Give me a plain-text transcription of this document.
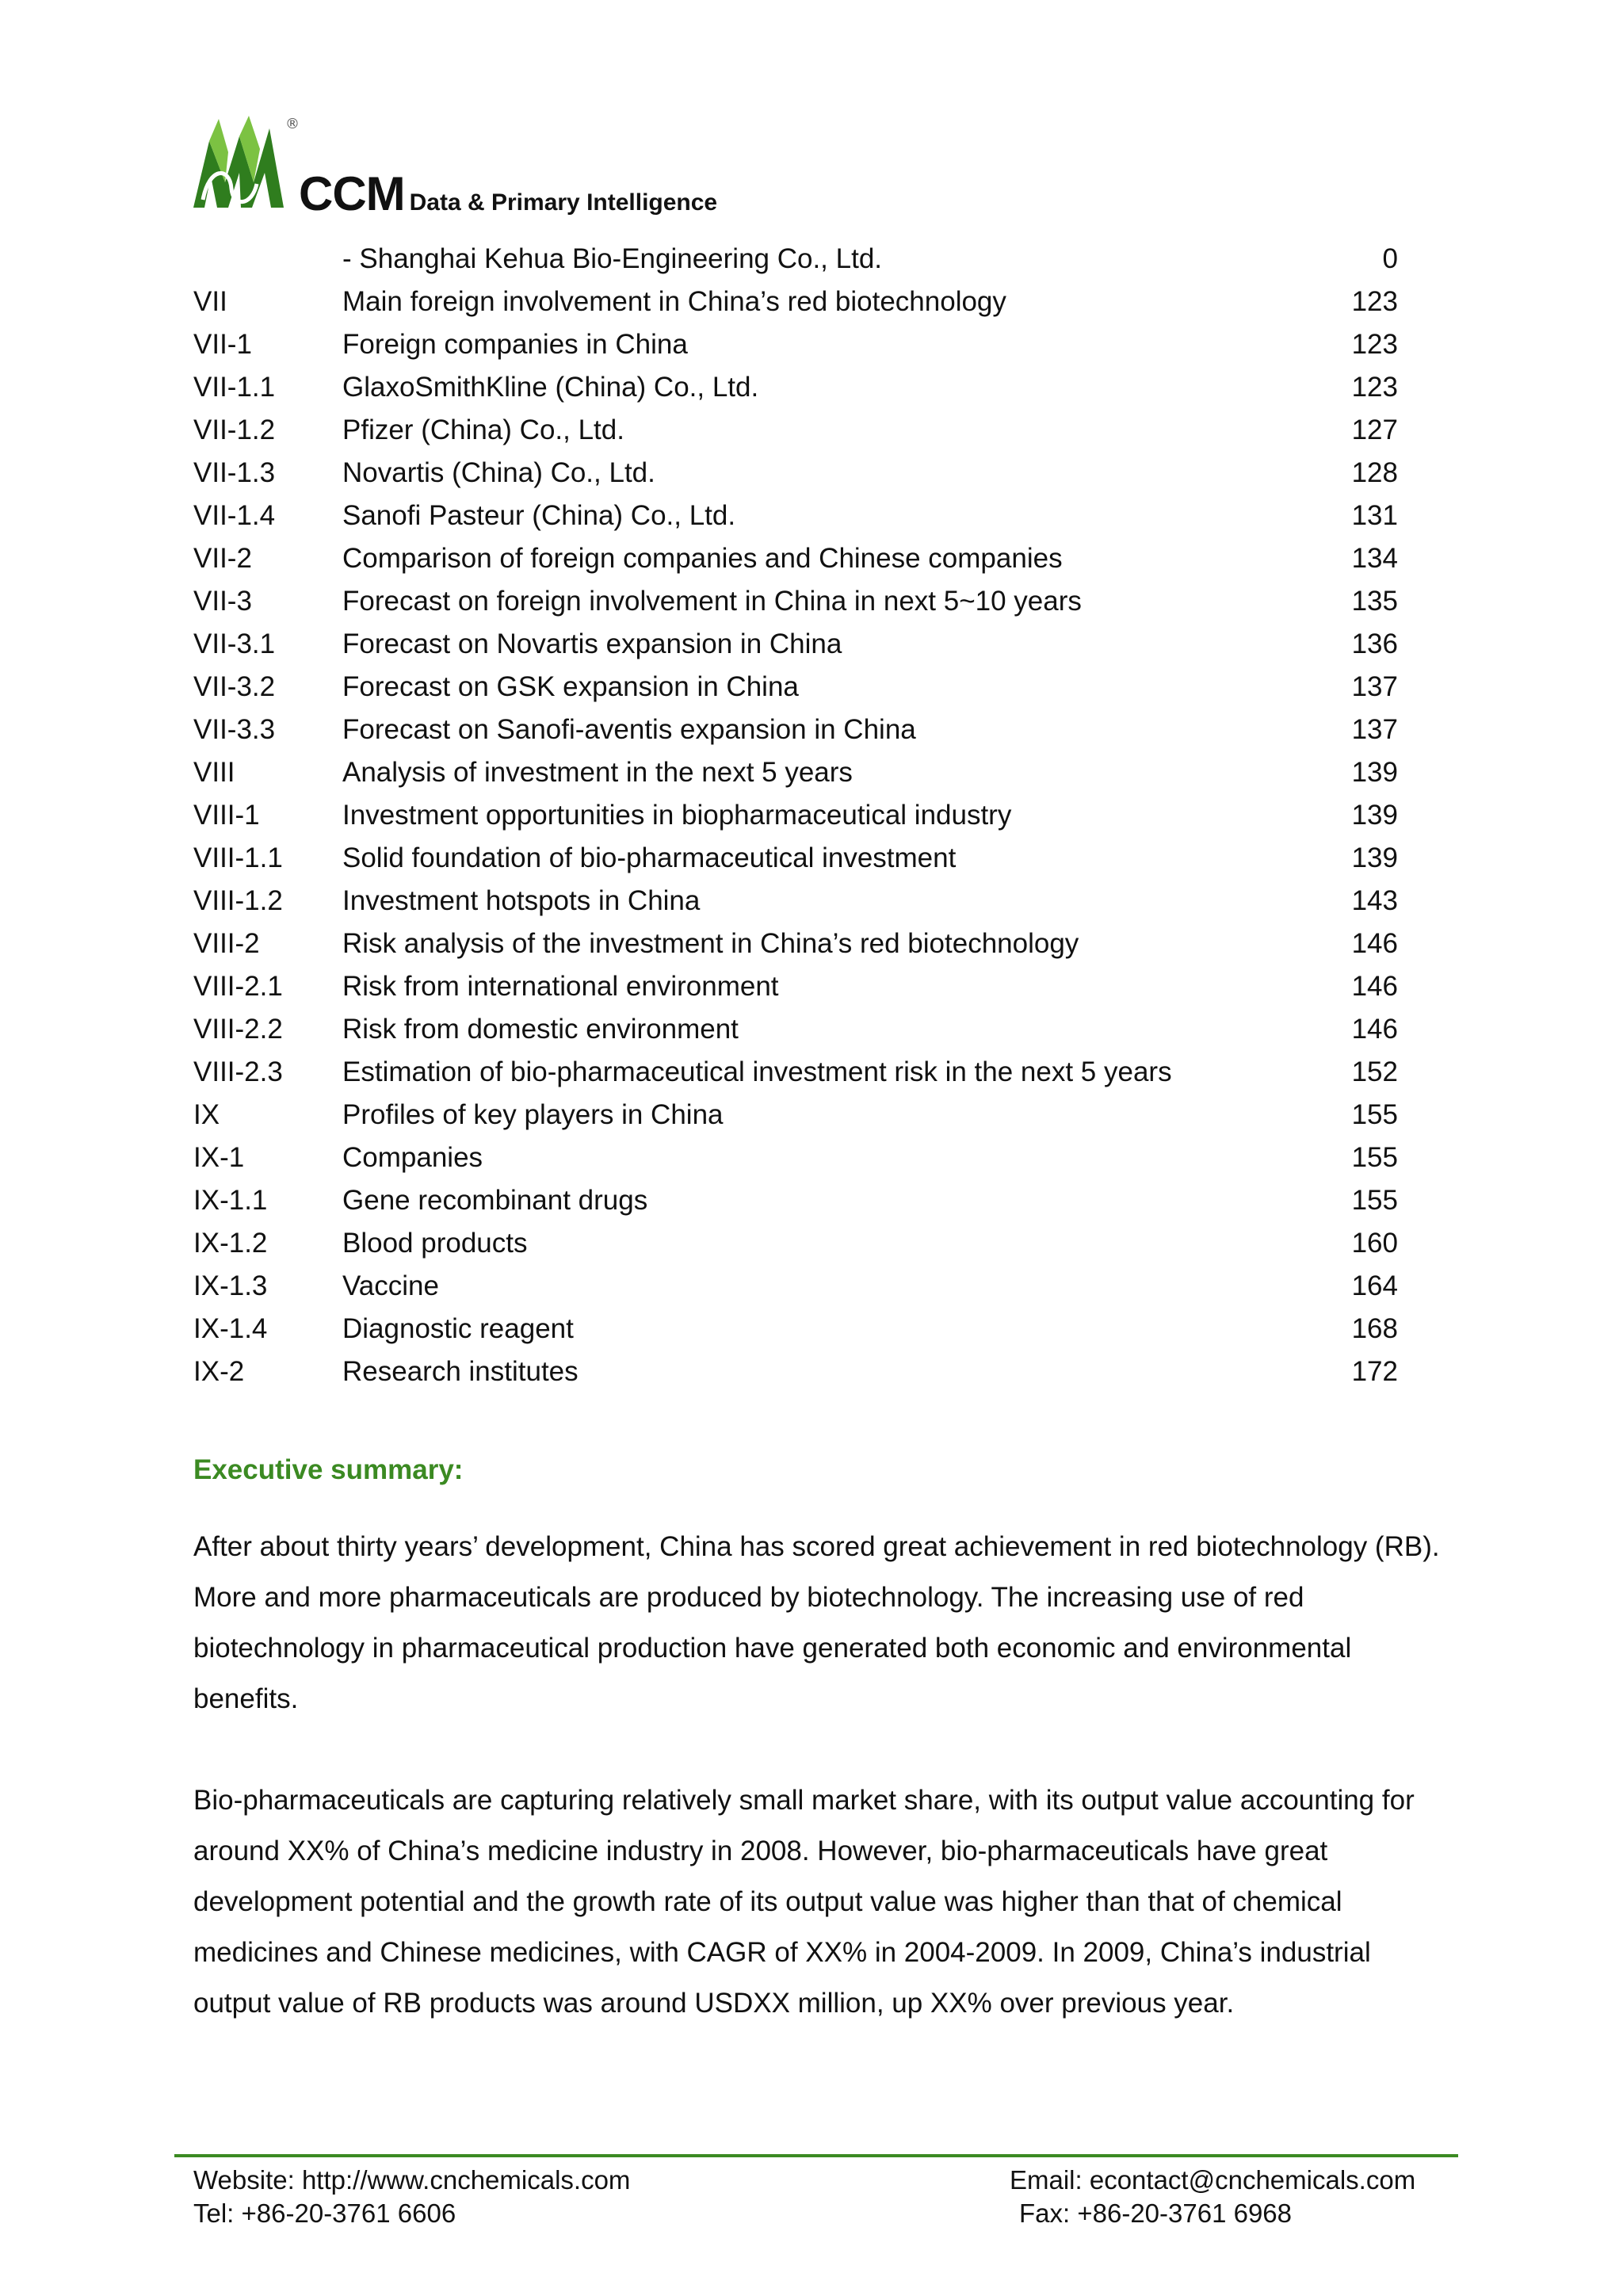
®
CCM Data & Primary Intelligence
- Shanghai Kehua Bio-Engineering Co., Ltd.	0
VII	Main foreign involvement in China’s red biotechnology	123
VII-1	Foreign companies in China	123
VII-1.1 GlaxoSmithKline (China) Co., Ltd.	123
VII-1.2 Pfizer (China) Co., Ltd.	127
VII-1.3 Novartis (China) Co., Ltd.	128
VII-1.4 Sanofi Pasteur (China) Co., Ltd.	131
VII-2	Comparison of foreign companies and Chinese companies	134
VII-3	Forecast on foreign involvement in China in next 5~10 years	135
VII-3.1 Forecast on Novartis expansion in China	136
VII-3.2 Forecast on GSK expansion in China	137
VII-3.3 Forecast on Sanofi-aventis expansion in China	137
VIII	Analysis of investment in the next 5 years	139
VIII-1	Investment opportunities in biopharmaceutical industry	139
VIII-1.1 Solid foundation of bio-pharmaceutical investment	139
VIII-1.2 Investment hotspots in China	143
VIII-2	Risk analysis of the investment in China’s red biotechnology	146
VIII-2.1 Risk from international environment	146
VIII-2.2 Risk from domestic environment	146
VIII-2.3 Estimation of bio-pharmaceutical investment risk in the next 5 years	152
IX	Profiles of key players in China	155
IX-1	Companies	155
IX-1.1	Gene recombinant drugs	155
IX-1.2	Blood products	160
IX-1.3	Vaccine	164
IX-1.4	Diagnostic reagent	168
IX-2	Research institutes	172
Executive summary:

After about thirty years’ development, China has scored great achievement in red biotechnology (RB). More and more pharmaceuticals are produced by biotechnology. The increasing use of red biotechnology in pharmaceutical production have generated both economic and environmental benefits.

Bio-pharmaceuticals are capturing relatively small market share, with its output value accounting for around XX% of China’s medicine industry in 2008. However, bio-pharmaceuticals have great development potential and the growth rate of its output value was higher than that of chemical medicines and Chinese medicines, with CAGR of XX% in 2004-2009. In 2009, China’s industrial output value of RB products was around USDXX million, up XX% over previous year.

Website: http://www.cnchemicals.com	Email: econtact@cnchemicals.com
Tel: +86-20-3761 6606	Fax: +86-20-3761 6968
